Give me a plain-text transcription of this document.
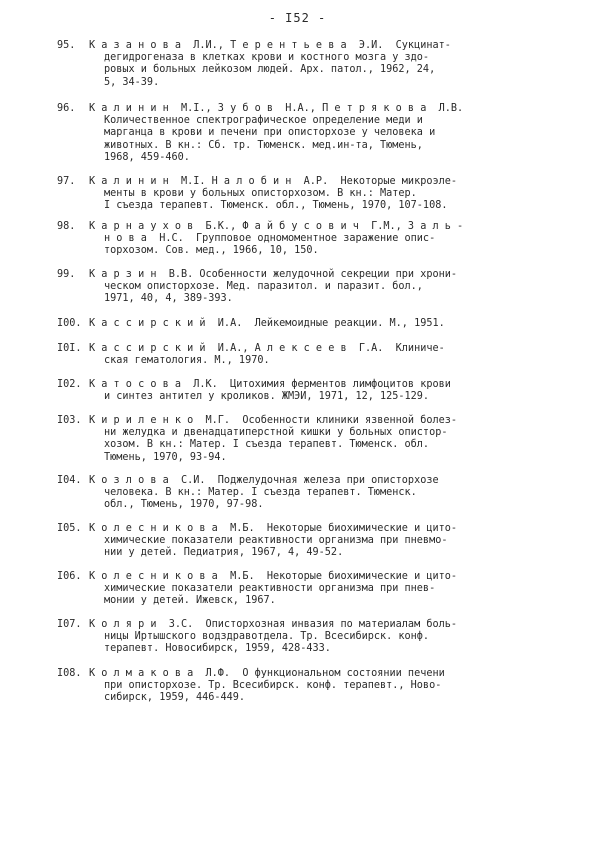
- I52 -
95.	К а з а н о в а  Л.И., Т е р е н т ь е в а  Э.И.  Сукцинат-
дегидрогеназа в клетках крови и костного мозга у здо-
ровых и больных лейкозом людей. Арх. патол., 1962, 24,
5, 34-39.
96.	К а л и н и н  М.I., З у б о в  Н.А., П е т р я к о в а  Л.В.
Количественное спектрографическое определение меди и
марганца в крови и печени при описторхозе у человека и
животных. В кн.: Сб. тр. Тюменск. мед.ин-та, Тюмень,
1968, 459-460.
97.	К а л и н и н  М.I. Н а л о б и н  А.Р.  Некоторые микроэле-
менты в крови у больных описторхозом. В кн.: Матер.
I съезда терапевт. Тюменск. обл., Тюмень, 1970, 107-108.
98.	К а р н а у х о в  Б.К., Ф а й б у с о в и ч  Г.М., З а л ь -
н о в а  Н.С.  Групповое одномоментное заражение опис-
торхозом. Сов. мед., 1966, 10, 150.
99.	К а р з и н  В.В. Особенности желудочной секреции при хрони-
ческом описторхозе. Мед. паразитол. и паразит. бол.,
1971, 40, 4, 389-393.
I00. К а с с и р с к и й  И.А.  Лейкемоидные реакции. М., 1951.
I0I. К а с с и р с к и й  И.А., А л е к с е е в  Г.А.  Клиниче-
ская гематология. М., 1970.
I02. К а т о с о в а  Л.К.  Цитохимия ферментов лимфоцитов крови
и синтез антител у кроликов. ЖМЭИ, 1971, 12, 125-129.
I03. К и р и л е н к о  М.Г.  Особенности клиники язвенной болез-
ни желудка и двенадцатиперстной кишки у больных опистор-
хозом. В кн.: Матер. I съезда терапевт. Тюменск. обл.
Тюмень, 1970, 93-94.
I04. К о з л о в а  С.И.  Поджелудочная железа при описторхозе
человека. В кн.: Матер. I съезда терапевт. Тюменск.
обл., Тюмень, 1970, 97-98.
I05. К о л е с н и к о в а  М.Б.  Некоторые биохимические и цито-
химические показатели реактивности организма при пневмо-
нии у детей. Педиатрия, 1967, 4, 49-52.
I06. К о л е с н и к о в а  М.Б.  Некоторые биохимические и цито-
химические показатели реактивности организма при пнев-
монии у детей. Ижевск, 1967.
I07. К о л я р и  З.С.  Описторхозная инвазия по материалам боль-
ницы Иртышского водздравотдела. Тр. Всесибирск. конф.
терапевт. Новосибирск, 1959, 428-433.
I08. К о л м а к о в а  Л.Ф.  О функциональном состоянии печени
при описторхозе. Тр. Всесибирск. конф. терапевт., Ново-
сибирск, 1959, 446-449.
